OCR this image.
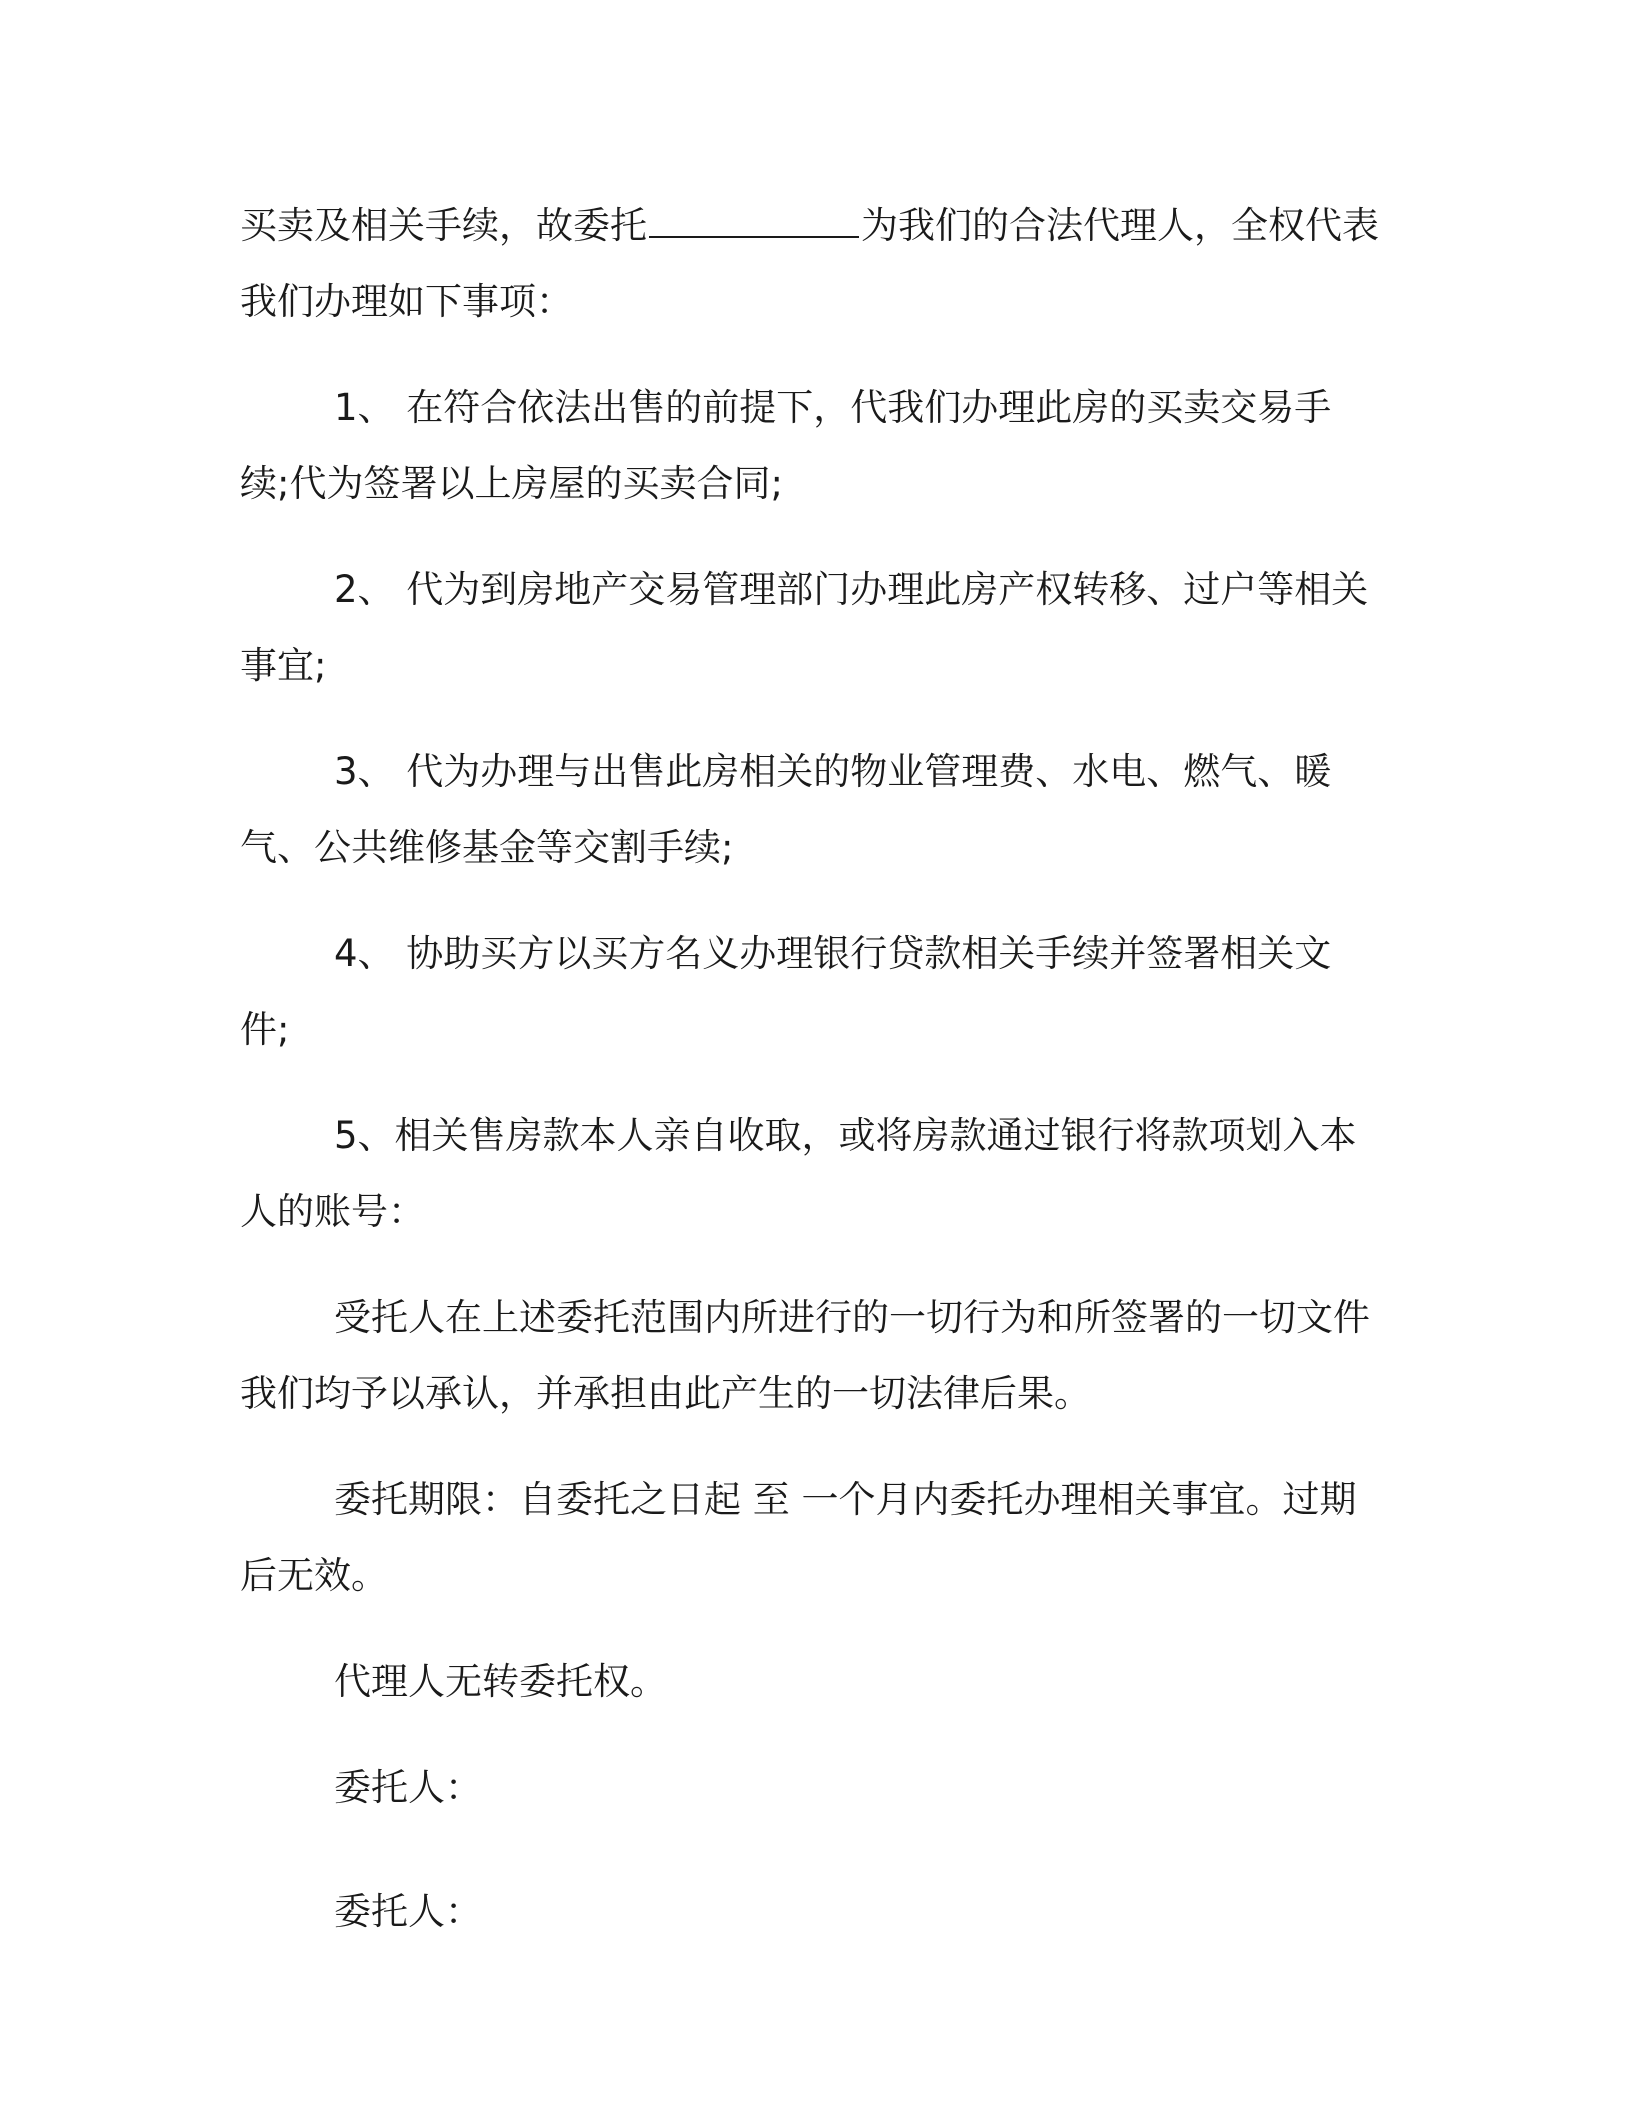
买卖及相关手续，故委托	为我们的合法代理人，全权代表我们办理如下事项：

1、 在符合依法出售的前提下，代我们办理此房的买卖交易手续;代为签署以上房屋的买卖合同;

2、 代为到房地产交易管理部门办理此房产权转移、过户等相关事宜;

3、 代为办理与出售此房相关的物业管理费、水电、燃气、暖气、公共维修基金等交割手续;

4、 协助买方以买方名义办理银行贷款相关手续并签署相关文件;

5、相关售房款本人亲自收取，或将房款通过银行将款项划入本人的账号：

受托人在上述委托范围内所进行的一切行为和所签署的一切文件我们均予以承认，并承担由此产生的一切法律后果。

委托期限：自委托之日起 至 一个月内委托办理相关事宜。过期后无效。

代理人无转委托权。

委托人：

委托人：
